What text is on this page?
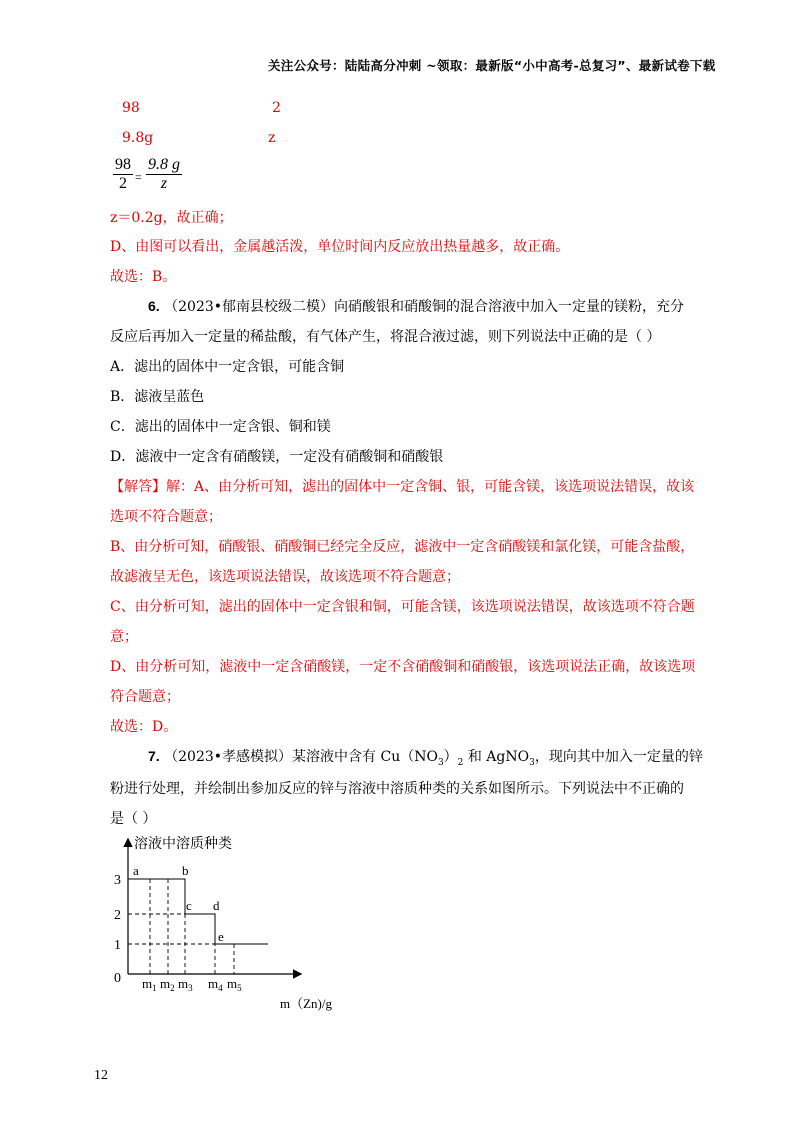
关注公众号：陆陆高分冲刺 ~领取：最新版“小中高考-总复习”、最新试卷下载
98	2
9.8g	z
$\frac{98}{2} = \frac{9.8 g}{z}$
z＝0.2g，故正确；
D、由图可以看出，金属越活泼，单位时间内反应放出热量越多，故正确。
故选：B。
6. （2023•郁南县校级二模）向硝酸银和硝酸铜的混合溶液中加入一定量的镁粉，充分
反应后再加入一定量的稀盐酸，有气体产生，将混合液过滤，则下列说法中正确的是（ ）
A．滤出的固体中一定含银，可能含铜
B．滤液呈蓝色
C．滤出的固体中一定含银、铜和镁
D．滤液中一定含有硝酸镁，一定没有硝酸铜和硝酸银
【解答】解：A、由分析可知，滤出的固体中一定含铜、银，可能含镁，该选项说法错误，故该
选项不符合题意；
B、由分析可知，硝酸银、硝酸铜已经完全反应，滤液中一定含硝酸镁和氯化镁，可能含盐酸，
故滤液呈无色，该选项说法错误，故该选项不符合题意；
C、由分析可知，滤出的固体中一定含银和铜，可能含镁，该选项说法错误，故该选项不符合题
意；
D、由分析可知，滤液中一定含硝酸镁，一定不含硝酸铜和硝酸银，该选项说法正确，故该选项
符合题意；
故选：D。
7. （2023•孝感模拟）某溶液中含有 $Cu(NO_3)_2$ 和 AgNO$_3$，现向其中加入一定量的锌
粉进行处理，并绘制出参加反应的锌与溶液中溶质种类的关系如图所示。下列说法中不正确的
是（ ）
溶液中溶质种类
m（Zn)/g
0
1
2
3
a	b
c d
e
$m_1$ $m_2$ $m_3$ $m_4$ $m_5$
12
